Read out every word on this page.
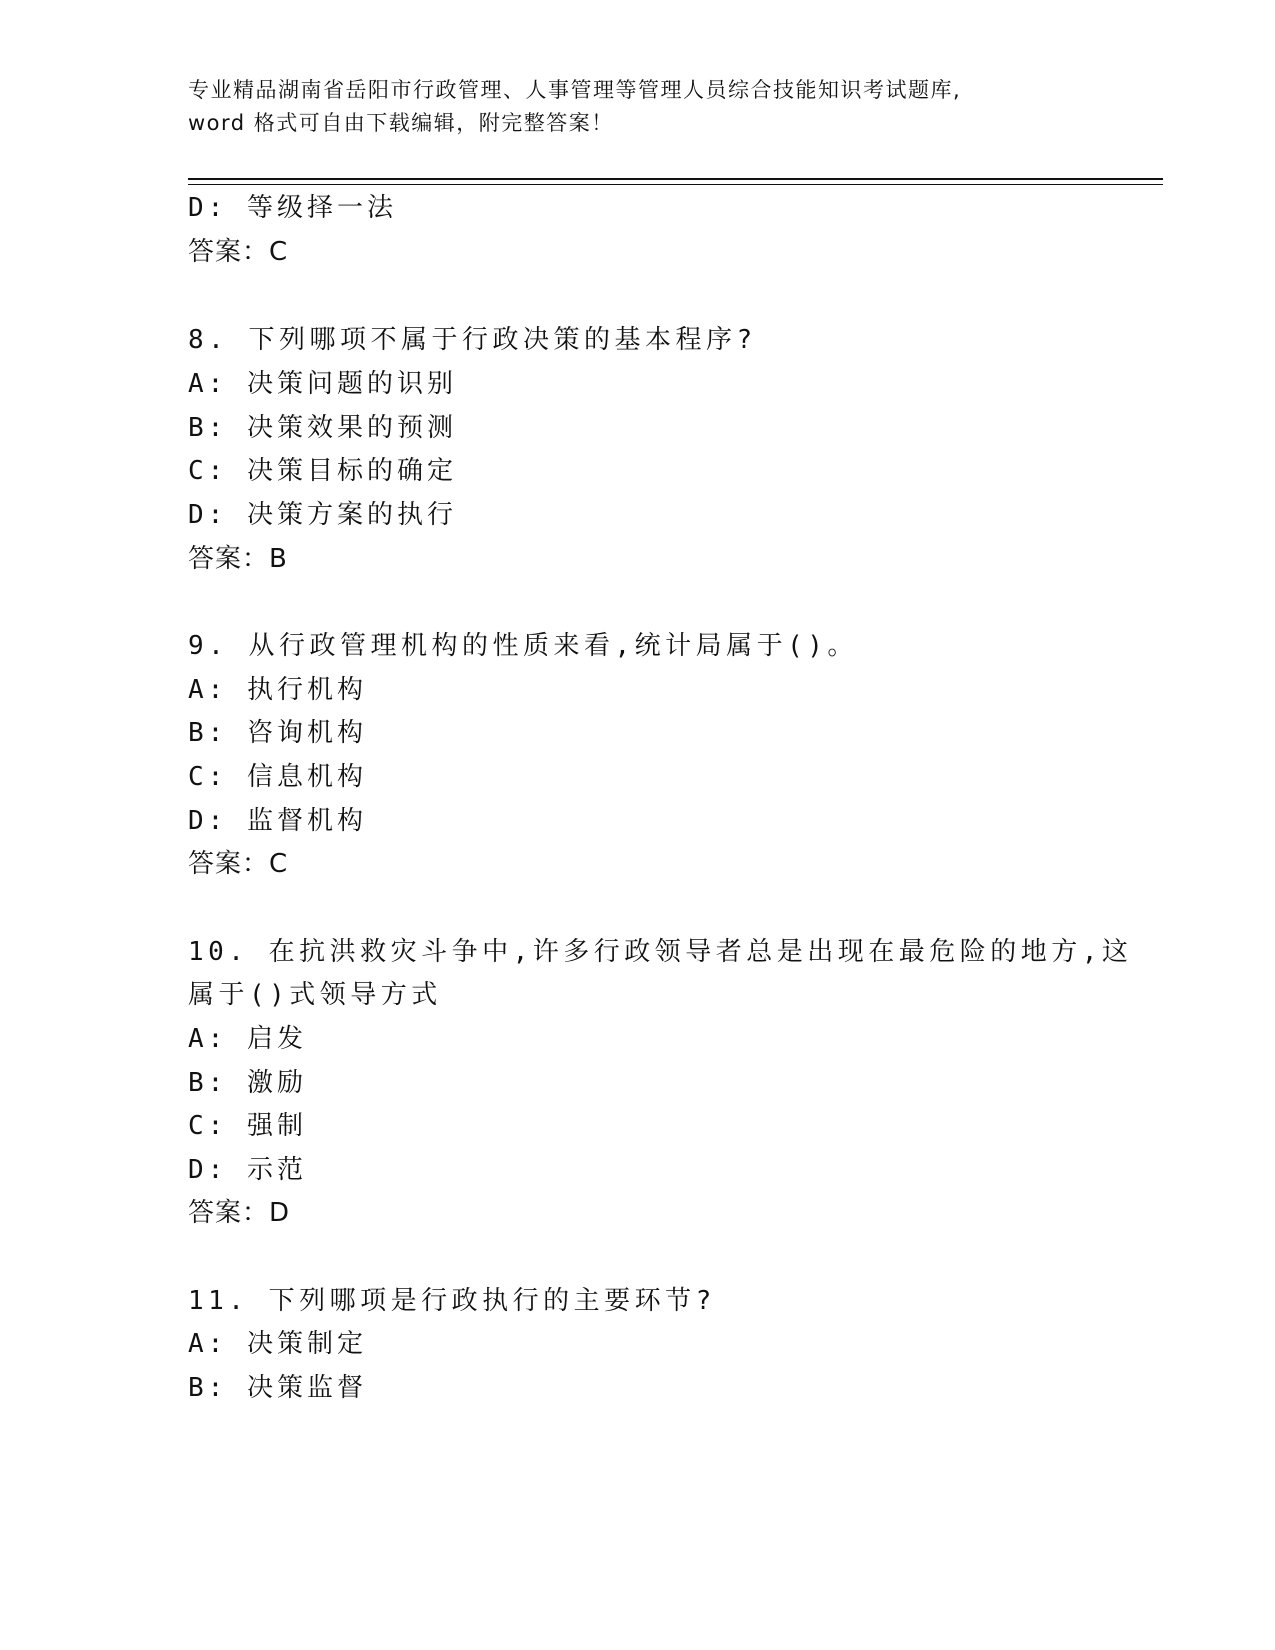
专业精品湖南省岳阳市行政管理、人事管理等管理人员综合技能知识考试题库,
word 格式可自由下载编辑，附完整答案！
D: 等级择一法
答案：C
8. 下列哪项不属于行政决策的基本程序?
A: 决策问题的识别
B: 决策效果的预测
C: 决策目标的确定
D: 决策方案的执行
答案：B
9. 从行政管理机构的性质来看,统计局属于()。
A: 执行机构
B: 咨询机构
C: 信息机构
D: 监督机构
答案：C
10. 在抗洪救灾斗争中,许多行政领导者总是出现在最危险的地方,这
属于()式领导方式
A: 启发
B: 激励
C: 强制
D: 示范
答案：D
11. 下列哪项是行政执行的主要环节?
A: 决策制定
B: 决策监督
